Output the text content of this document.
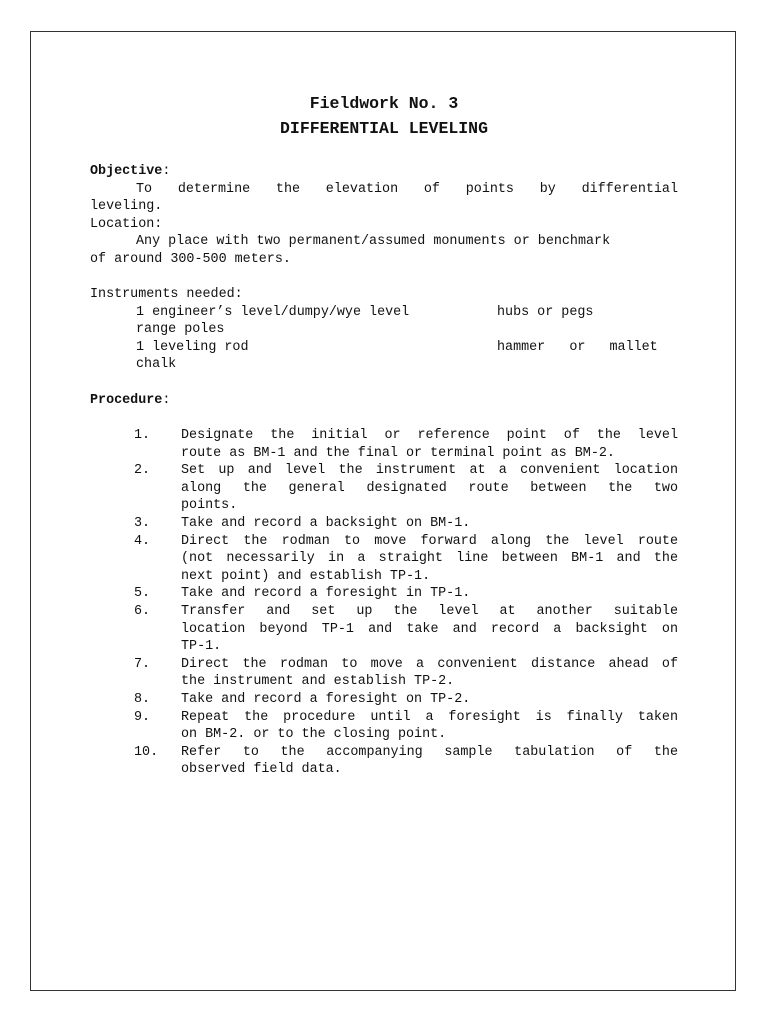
Fieldwork No. 3
DIFFERENTIAL LEVELING
Objective:
To determine the elevation of points by differential
leveling.
Location:
Any place with two permanent/assumed monuments or benchmark
of around 300-500 meters.
Instruments needed:
1 engineer’s level/dumpy/wye level	hubs or pegs
range poles
1 leveling rod	hammer   or   mallet
chalk
Procedure:
1.	Designate the initial or reference point of the level
route as BM-1 and the final or terminal point as BM-2.
2.	Set up and level the instrument at a convenient location
along the general designated route between the two
points.
3.	Take and record a backsight on BM-1.
4.	Direct the rodman to move forward along the level route
(not necessarily in a straight line between BM-1 and the
next point) and establish TP-1.
5.	Take and record a foresight in TP-1.
6.	Transfer and set up the level at another suitable
location beyond TP-1 and take and record a backsight on
TP-1.
7.	Direct the rodman to move a convenient distance ahead of
the instrument and establish TP-2.
8.	Take and record a foresight on TP-2.
9.	Repeat the procedure until a foresight is finally taken
on BM-2. or to the closing point.
10.	Refer to the accompanying sample tabulation of the
observed field data.
